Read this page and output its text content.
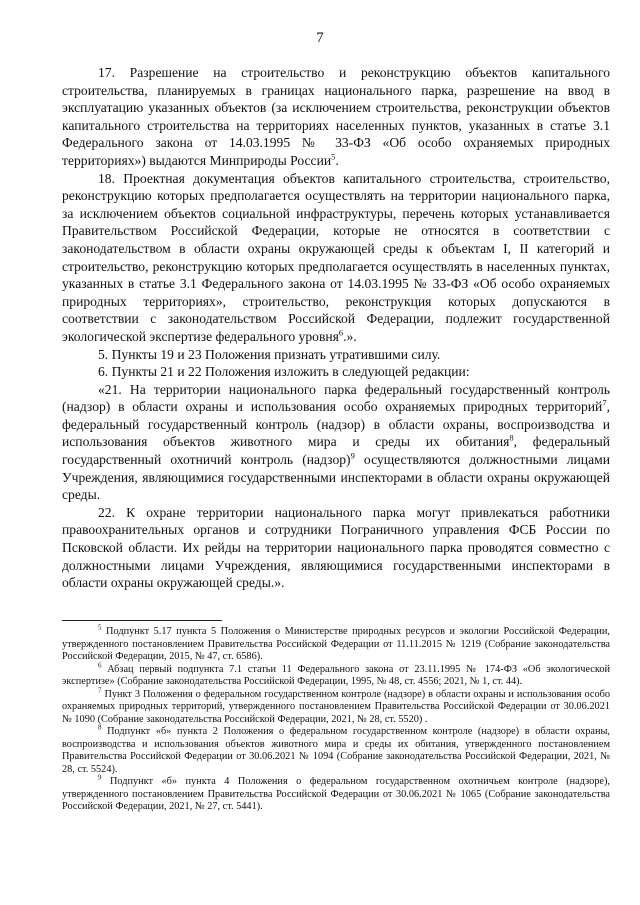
7

17. Разрешение на строительство и реконструкцию объектов капитального строительства, планируемых в границах национального парка, разрешение на ввод в эксплуатацию указанных объектов (за исключением строительства, реконструкции объектов капитального строительства на территориях населенных пунктов, указанных в статье 3.1 Федерального закона от 14.03.1995 № 33-ФЗ «Об особо охраняемых природных территориях») выдаются Минприроды России$^5$.

18. Проектная документация объектов капитального строительства, строительство, реконструкцию которых предполагается осуществлять на территории национального парка, за исключением объектов социальной инфраструктуры, перечень которых устанавливается Правительством Российской Федерации, которые не относятся в соответствии с законодательством в области охраны окружающей среды к объектам I, II категорий и строительство, реконструкцию которых предполагается осуществлять в населенных пунктах, указанных в статье 3.1 Федерального закона от 14.03.1995 № 33-ФЗ «Об особо охраняемых природных территориях», строительство, реконструкция которых допускаются в соответствии с законодательством Российской Федерации, подлежит государственной экологической экспертизе федерального уровня$^6$.».

5. Пункты 19 и 23 Положения признать утратившими силу.

6. Пункты 21 и 22 Положения изложить в следующей редакции:

«21. На территории национального парка федеральный государственный контроль (надзор) в области охраны и использования особо охраняемых природных территорий$^7$, федеральный государственный контроль (надзор) в области охраны, воспроизводства и использования объектов животного мира и среды их обитания$^8$, федеральный государственный охотничий контроль (надзор)$^9$ осуществляются должностными лицами Учреждения, являющимися государственными инспекторами в области охраны окружающей среды.

22. К охране территории национального парка могут привлекаться работники правоохранительных органов и сотрудники Пограничного управления ФСБ России по Псковской области. Их рейды на территории национального парка проводятся совместно с должностными лицами Учреждения, являющимися государственными инспекторами в области охраны окружающей среды.».

$^5$ Подпункт 5.17 пункта 5 Положения о Министерстве природных ресурсов и экологии Российской Федерации, утвержденного постановлением Правительства Российской Федерации от 11.11.2015 № 1219 (Собрание законодательства Российской Федерации, 2015, № 47, ст. 6586).

$^6$ Абзац первый подпункта 7.1 статьи 11 Федерального закона от 23.11.1995 № 174-ФЗ «Об экологической экспертизе» (Собрание законодательства Российской Федерации, 1995, № 48, ст. 4556; 2021, № 1, ст. 44).

$^7$ Пункт 3 Положения о федеральном государственном контроле (надзоре) в области охраны и использования особо охраняемых природных территорий, утвержденного постановлением Правительства Российской Федерации от 30.06.2021 № 1090 (Собрание законодательства Российской Федерации, 2021, № 28, ст. 5520) .

$^8$ Подпункт «б» пункта 2 Положения о федеральном государственном контроле (надзоре) в области охраны, воспроизводства и использования объектов животного мира и среды их обитания, утвержденного постановлением Правительства Российской Федерации от 30.06.2021 № 1094 (Собрание законодательства Российской Федерации, 2021, № 28, ст. 5524).

$^9$ Подпункт «б» пункта 4 Положения о федеральном государственном охотничьем контроле (надзоре), утвержденного постановлением Правительства Российской Федерации от 30.06.2021 № 1065 (Собрание законодательства Российской Федерации, 2021, № 27, ст. 5441).
